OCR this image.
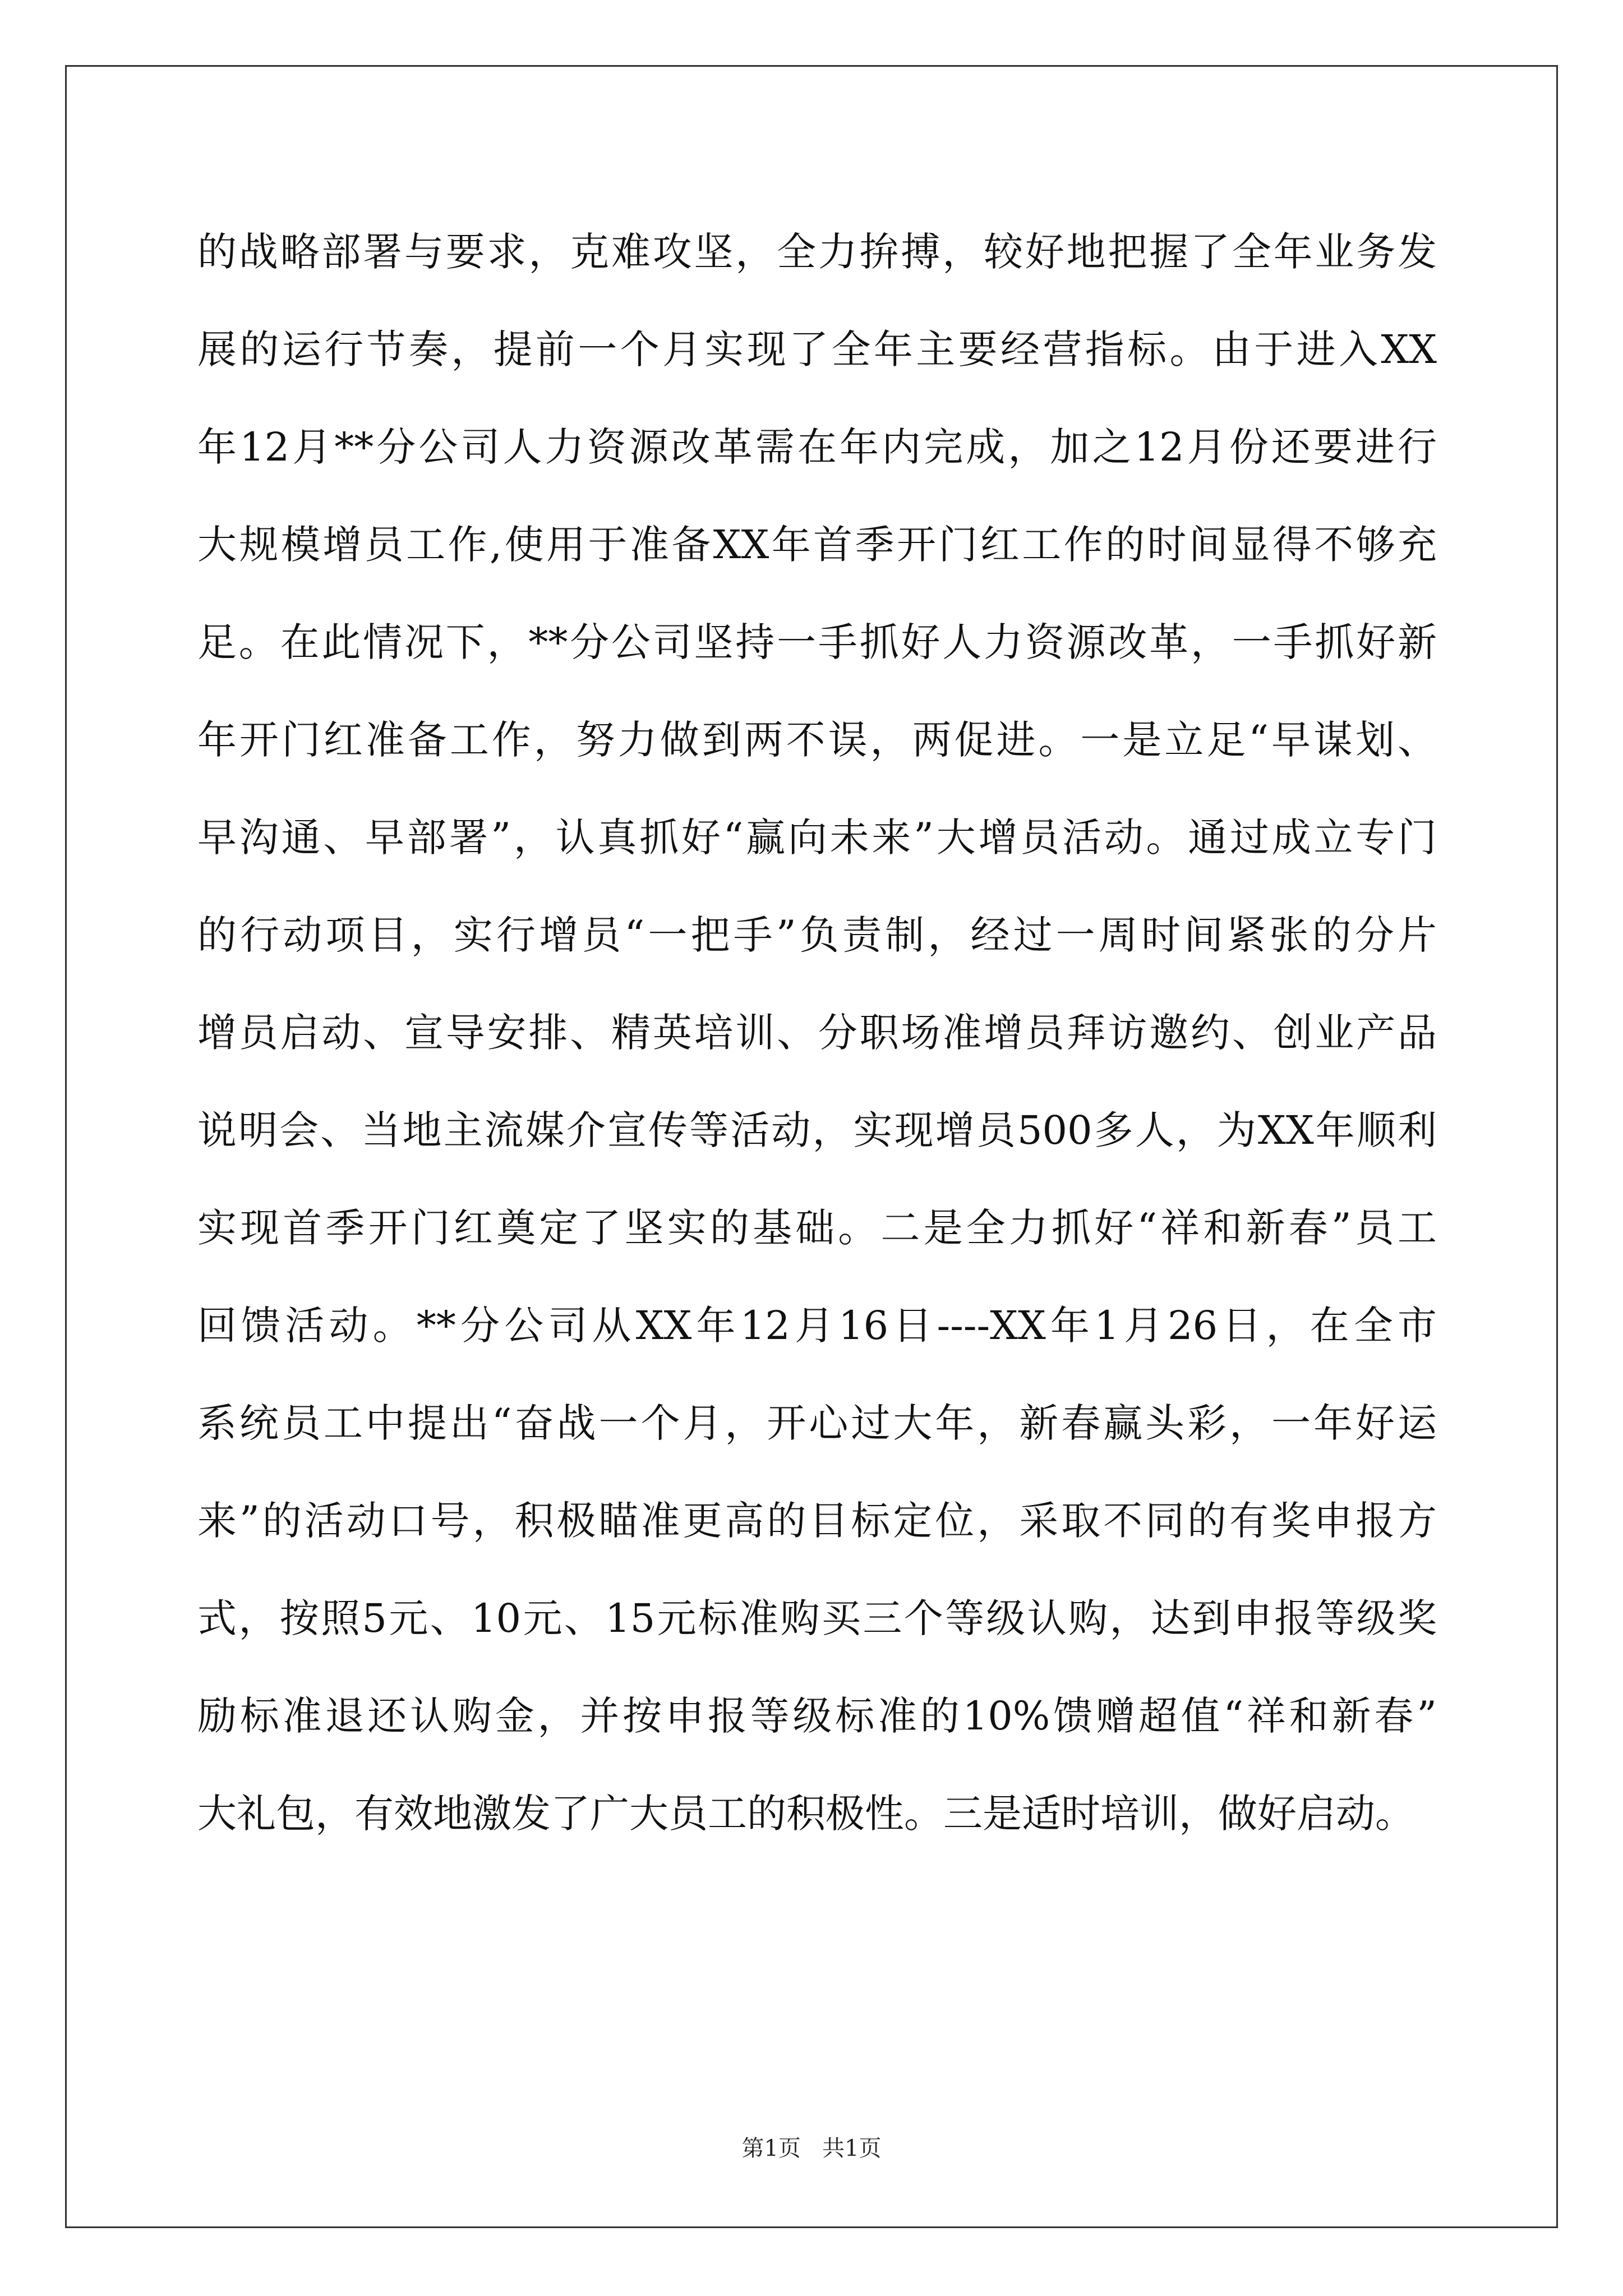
的战略部署与要求，克难攻坚，全力拚搏，较好地把握了全年业务发
展的运行节奏，提前一个月实现了全年主要经营指标。由于进入XX
年12月**分公司人力资源改革需在年内完成，加之12月份还要进行
大规模增员工作,使用于准备XX年首季开门红工作的时间显得不够充
足。在此情况下，**分公司坚持一手抓好人力资源改革，一手抓好新
年开门红准备工作，努力做到两不误，两促进。一是立足“早谋划、
早沟通、早部署”，认真抓好“赢向未来”大增员活动。通过成立专门
的行动项目，实行增员“一把手”负责制，经过一周时间紧张的分片
增员启动、宣导安排、精英培训、分职场准增员拜访邀约、创业产品
说明会、当地主流媒介宣传等活动，实现增员500多人，为XX年顺利
实现首季开门红奠定了坚实的基础。二是全力抓好“祥和新春”员工
回馈活动。**分公司从XX年12月16日----XX年1月26日，在全市
系统员工中提出“奋战一个月，开心过大年，新春赢头彩，一年好运
来”的活动口号，积极瞄准更高的目标定位，采取不同的有奖申报方
式，按照5元、10元、15元标准购买三个等级认购，达到申报等级奖
励标准退还认购金，并按申报等级标准的10%馈赠超值“祥和新春”
大礼包，有效地激发了广大员工的积极性。三是适时培训，做好启动。
第1页   共1页
